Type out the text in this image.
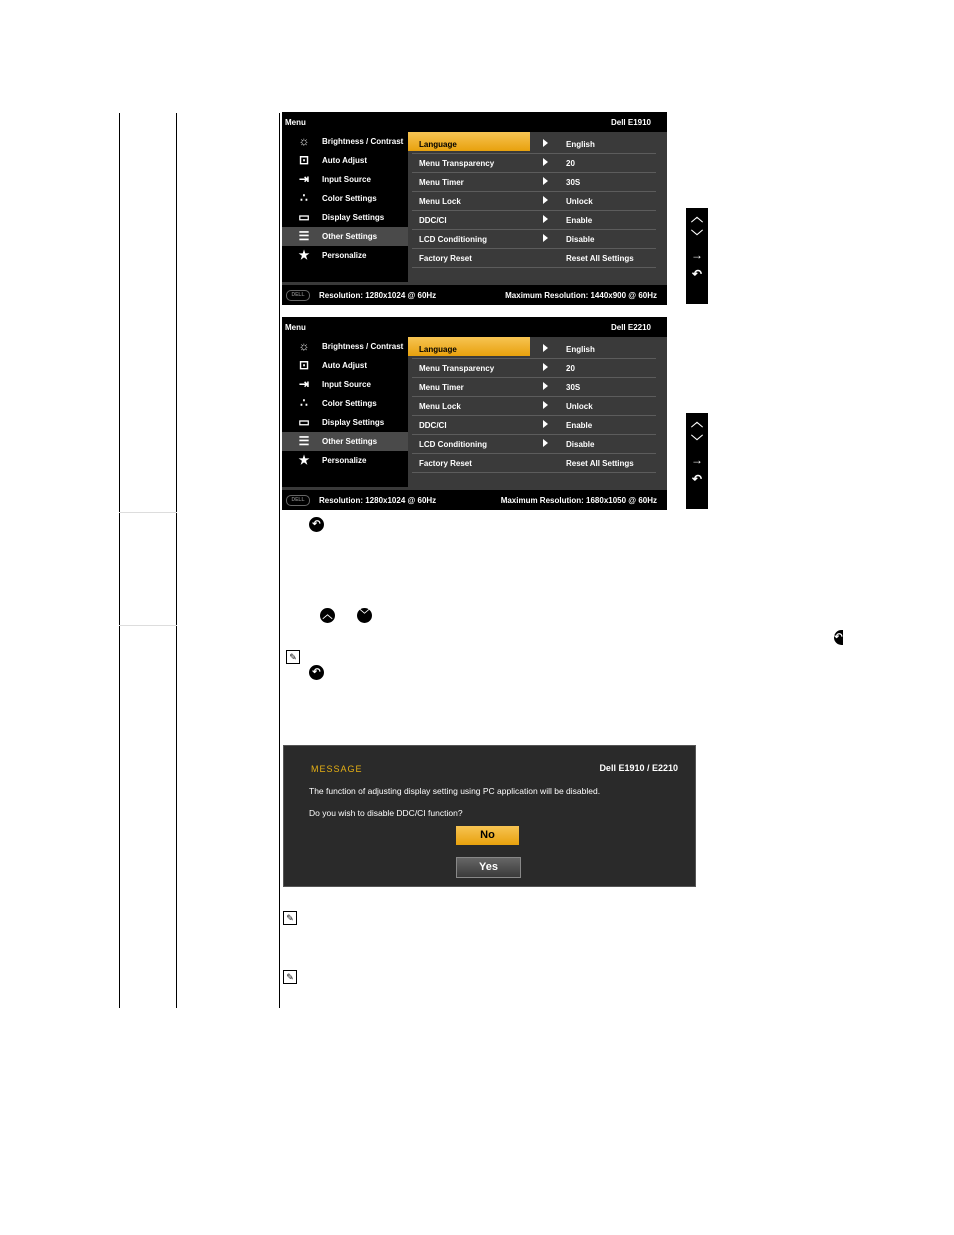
Menu	Dell E1910
☼	Brightness / Contrast
⊡	Auto Adjust
⇥	Input Source
∴	Color Settings
▭ Display Settings
☰	Other Settings
★	Personalize
Language	English
Menu Transparency	20
Menu Timer	30S
Menu Lock	Unlock
DDC/CI	Enable
LCD Conditioning	Disable
Factory Reset	Reset All Settings
DELL	Resolution: 1280x1024 @ 60Hz	Maximum Resolution: 1440x900 @ 60Hz
︿
﹀
→
↶
Menu	Dell E2210
☼	Brightness / Contrast
⊡	Auto Adjust
⇥	Input Source
∴	Color Settings
▭ Display Settings
☰	Other Settings
★	Personalize
Language	English
Menu Transparency	20
Menu Timer	30S
Menu Lock	Unlock
DDC/CI	Enable
LCD Conditioning	Disable
Factory Reset	Reset All Settings
DELL	Resolution: 1280x1024 @ 60Hz	Maximum Resolution: 1680x1050 @ 60Hz
︿
﹀
→
↶
↶
︿	﹀
↶
✎
↶
MESSAGE	Dell E1910 / E2210
The function of adjusting display setting using PC application will be disabled.
Do you wish to disable DDC/CI function?
No
Yes
✎
✎
